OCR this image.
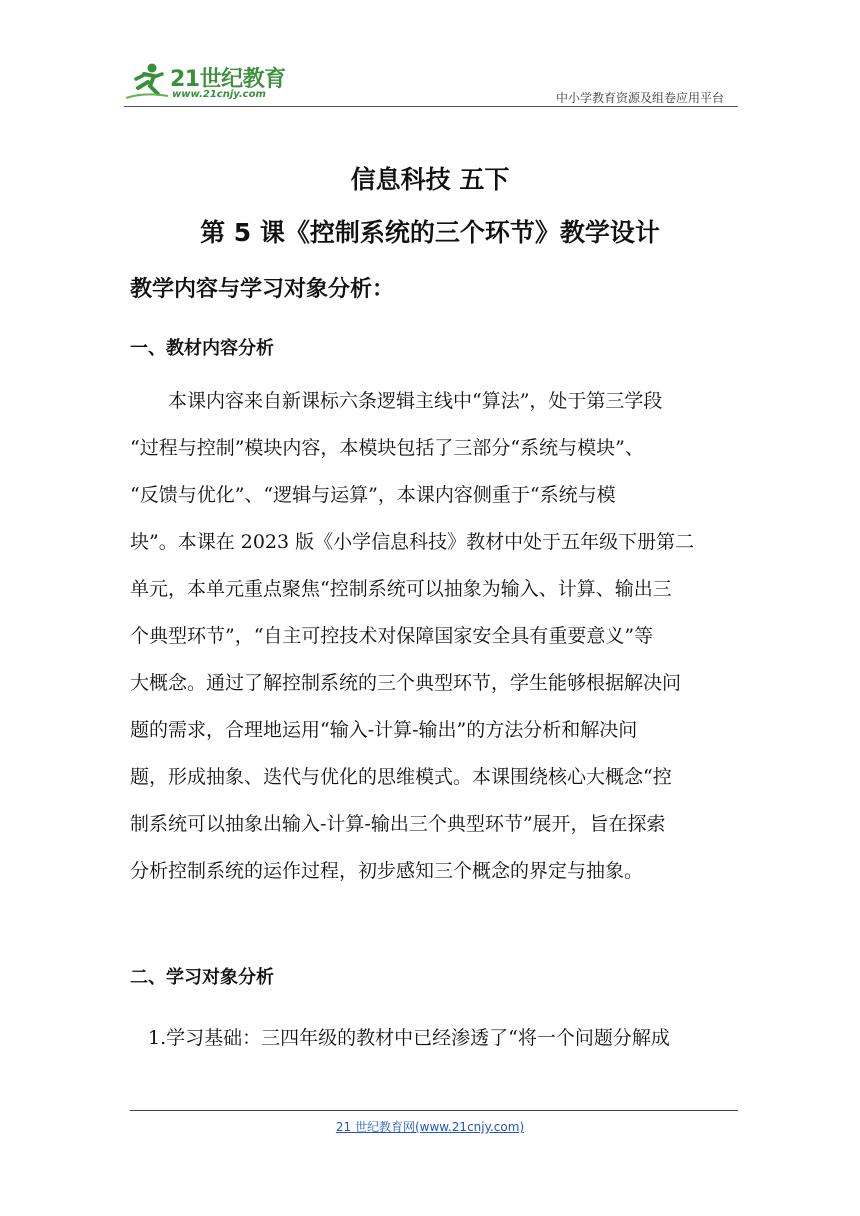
21世纪教育
www.21cnjy.com	中小学教育资源及组卷应用平台
信息科技 五下
第 5 课《控制系统的三个环节》教学设计
教学内容与学习对象分析：
一、教材内容分析
本课内容来自新课标六条逻辑主线中“算法”，处于第三学段
“过程与控制”模块内容，本模块包括了三部分“系统与模块”、
“反馈与优化”、“逻辑与运算”，本课内容侧重于“系统与模
块”。本课在 2023 版《小学信息科技》教材中处于五年级下册第二
单元，本单元重点聚焦“控制系统可以抽象为输入、计算、输出三
个典型环节”，“自主可控技术对保障国家安全具有重要意义”等
大概念。通过了解控制系统的三个典型环节，学生能够根据解决问
题的需求，合理地运用“输入-计算-输出”的方法分析和解决问
题，形成抽象、迭代与优化的思维模式。本课围绕核心大概念“控
制系统可以抽象出输入-计算-输出三个典型环节”展开，旨在探索
分析控制系统的运作过程，初步感知三个概念的界定与抽象。
二、学习对象分析
1.学习基础：三四年级的教材中已经渗透了“将一个问题分解成
21 世纪教育网(www.21cnjy.com)
